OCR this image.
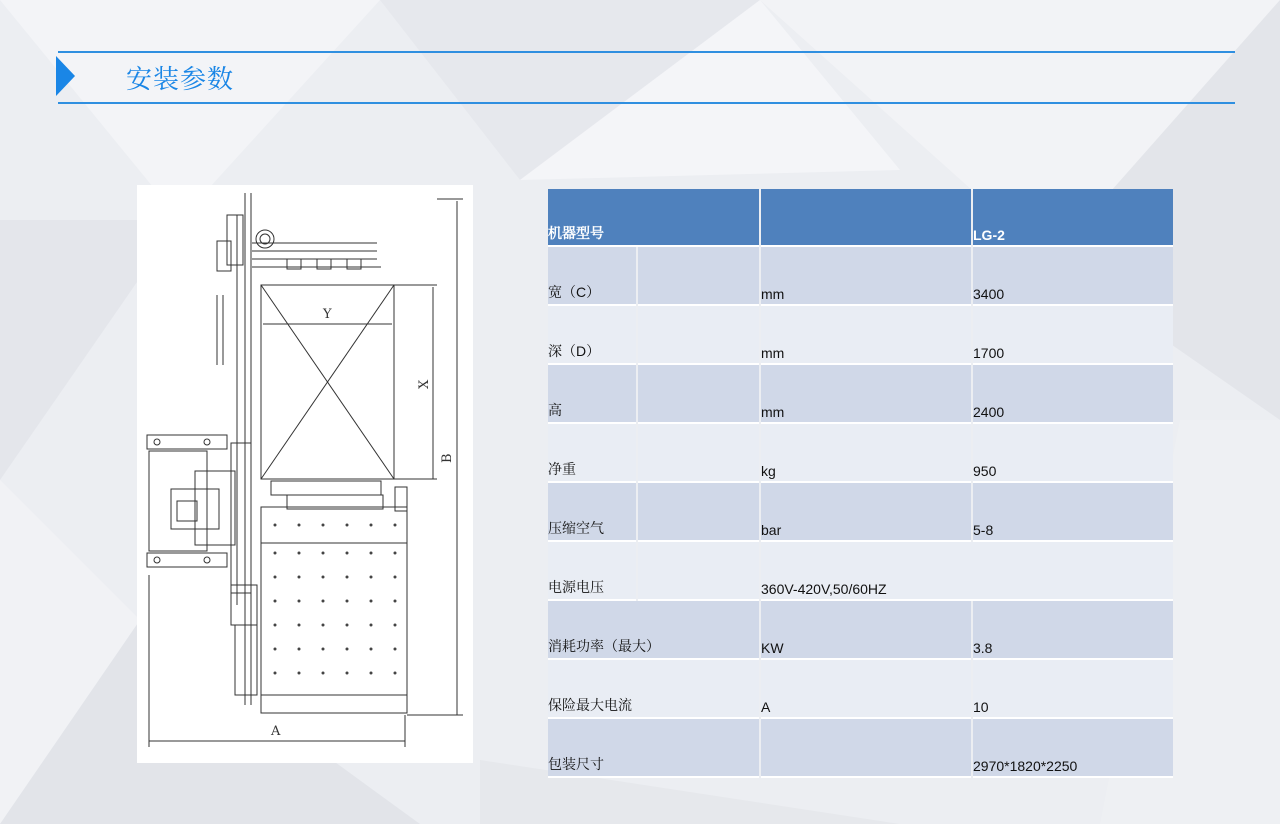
安装参数
B
X
Y
A
机器型号			LG-2
宽（C）		mm	3400
深（D）		mm	1700
高		mm	2400
净重		kg	950
压缩空气		bar	5-8
电源电压		360V-420V,50/60HZ	
消耗功率（最大）		KW	3.8
保险最大电流		A	10
包装尺寸			2970*1820*2250
